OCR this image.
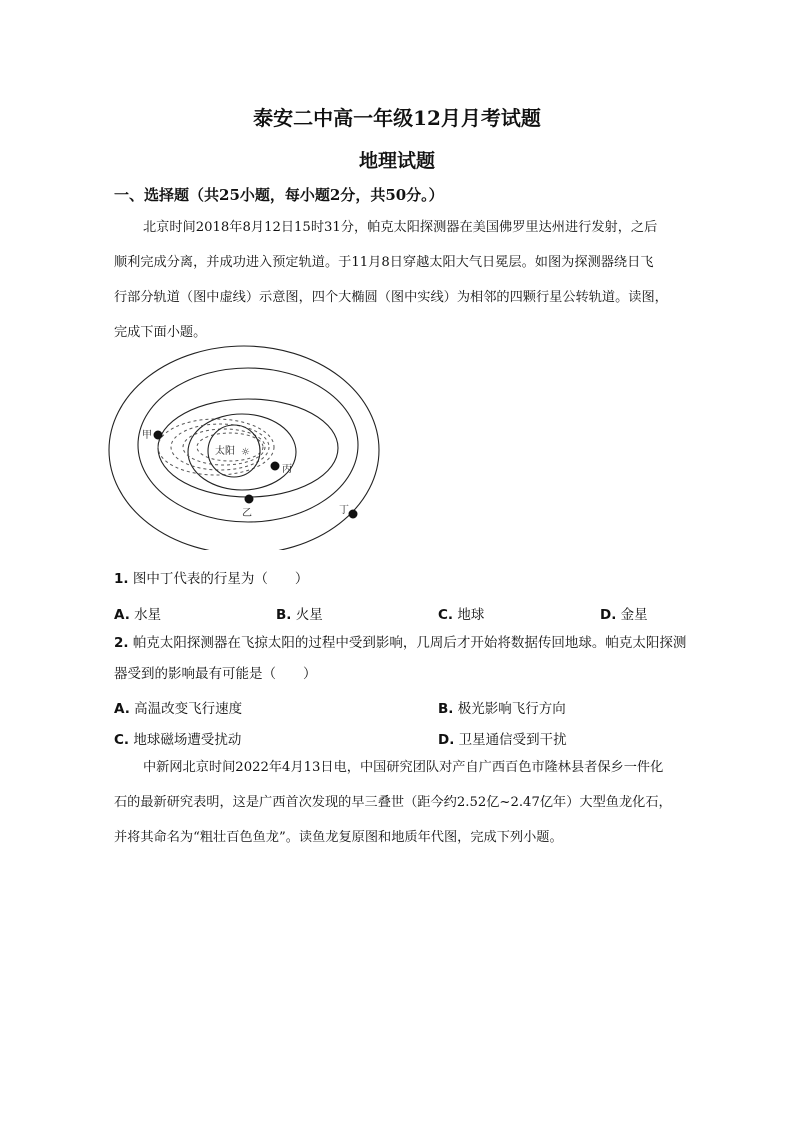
泰安二中高一年级12月月考试题
地理试题
一、选择题（共25小题，每小题2分，共50分。）
北京时间2018年8月12日15时31分，帕克太阳探测器在美国佛罗里达州进行发射，之后
顺利完成分离，并成功进入预定轨道。于11月8日穿越太阳大气日冕层。如图为探测器绕日飞
行部分轨道（图中虚线）示意图，四个大椭圆（图中实线）为相邻的四颗行星公转轨道。读图，
完成下面小题。
太阳 ☼
甲
乙
丙
丁
1. 图中丁代表的行星为（　　）
A. 水星	B. 火星	C. 地球	D. 金星
2. 帕克太阳探测器在飞掠太阳的过程中受到影响，几周后才开始将数据传回地球。帕克太阳探测
器受到的影响最有可能是（　　）
A. 高温改变飞行速度	B. 极光影响飞行方向
C. 地球磁场遭受扰动	D. 卫星通信受到干扰
中新网北京时间2022年4月13日电，中国研究团队对产自广西百色市隆林县者保乡一件化
石的最新研究表明，这是广西首次发现的早三叠世（距今约2.52亿~2.47亿年）大型鱼龙化石，
并将其命名为“粗壮百色鱼龙”。读鱼龙复原图和地质年代图，完成下列小题。
